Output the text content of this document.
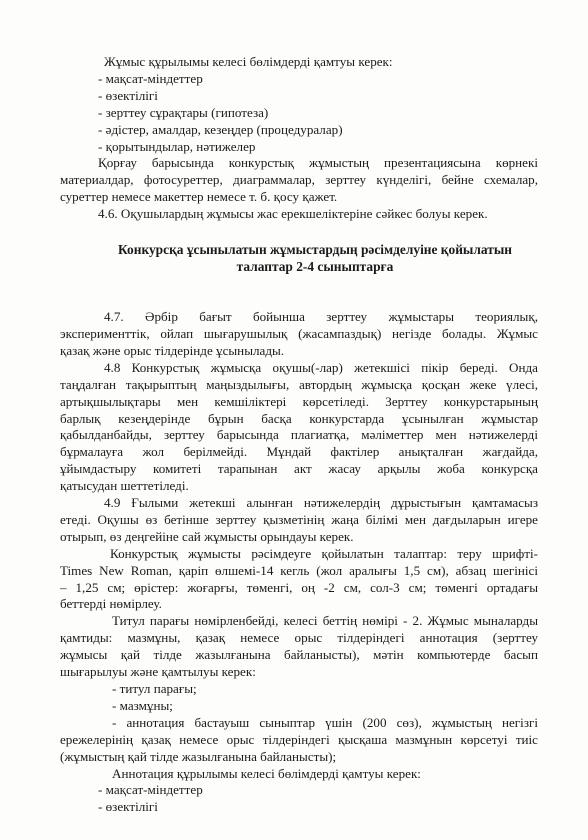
Жұмыс құрылымы келесі бөлімдерді қамтуы керек:
- мақсат-міндеттер
- өзектілігі
- зерттеу сұрақтары (гипотеза)
- әдістер, амалдар, кезеңдер (процедуралар)
- қорытындылар, нәтижелер
Қорғау барысында конкурстық жұмыстың презентациясына көрнекі
материалдар, фотосуреттер, диаграммалар, зерттеу күнделігі, бейне схемалар,
суреттер немесе макеттер немесе т. б. қосу қажет.
4.6. Оқушылардың жұмысы жас ерекшеліктеріне сәйкес болуы керек.
Конкурсқа ұсынылатын жұмыстардың рәсімделуіне қойылатын
талаптар 2-4 сыныптарға
4.7. Әрбір бағыт бойынша зерттеу жұмыстары теориялық,
эксперименттік, ойлап шығарушылық (жасампаздық) негізде болады. Жұмыс
қазақ және орыс тілдерінде ұсынылады.
4.8 Конкурстық жұмысқа оқушы(-лар) жетекшісі пікір береді. Онда
таңдалған тақырыптың маңыздылығы, автордың жұмысқа қосқан жеке үлесі,
артықшылықтары мен кемшіліктері көрсетіледі. Зерттеу конкурстарының
барлық кезеңдерінде бұрын басқа конкурстарда ұсынылған жұмыстар
қабылданбайды, зерттеу барысында плагиатқа, мәліметтер мен нәтижелерді
бұрмалауға жол берілмейді. Мұндай фактілер анықталған жағдайда,
ұйымдастыру комитеті тарапынан акт жасау арқылы жоба конкурсқа
қатысудан шеттетіледі.
4.9 Ғылыми жетекші алынған нәтижелердің дұрыстығын қамтамасыз
етеді. Оқушы өз бетінше зерттеу қызметінің жаңа білімі мен дағдыларын игере
отырып, өз деңгейіне сай жұмысты орындауы керек.
Конкурстық жұмысты рәсімдеуге қойылатын талаптар: теру шрифті-
Times New Roman, қаріп өлшемі-14 кегль (жол аралығы 1,5 см), абзац шегінісі
– 1,25 см; өрістер: жоғарғы, төменгі, оң -2 см, сол-3 см; төменгі ортадағы
беттерді нөмірлеу.
Титул парағы нөмірленбейді, келесі беттің нөмірі - 2. Жұмыс мыналарды
қамтиды: мазмұны, қазақ немесе орыс тілдеріндегі аннотация (зерттеу
жұмысы қай тілде жазылғанына байланысты), мәтін компьютерде басып
шығарылуы және қамтылуы керек:
- титул парағы;
- мазмұны;
- аннотация бастауыш сыныптар үшін (200 сөз), жұмыстың негізгі
ережелерінің қазақ немесе орыс тілдеріндегі қысқаша мазмұнын көрсетуі тиіс
(жұмыстың қай тілде жазылғанына байланысты);
Аннотация құрылымы келесі бөлімдерді қамтуы керек:
- мақсат-міндеттер
- өзектілігі
